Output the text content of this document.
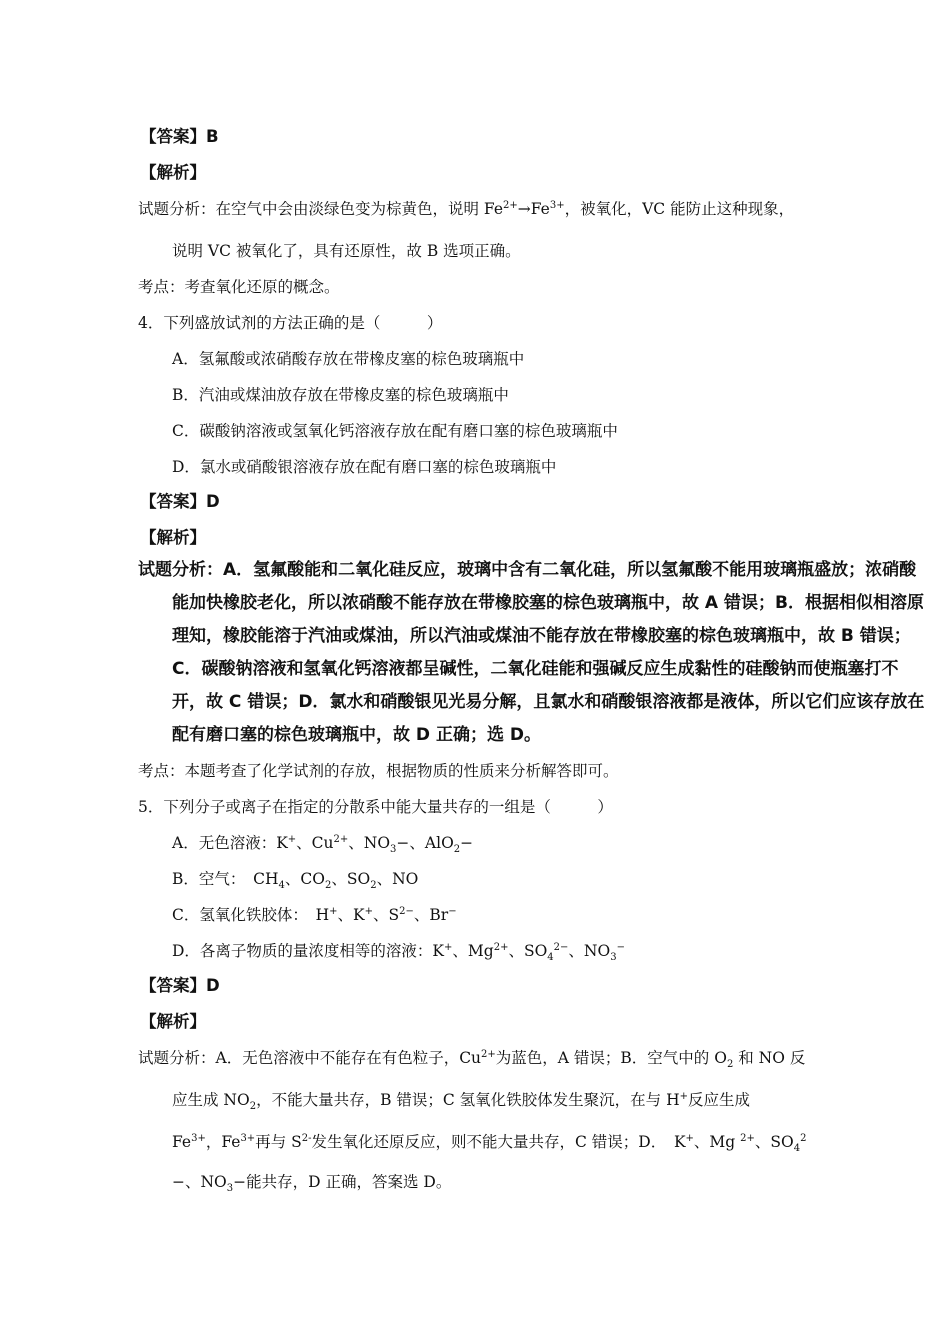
【答案】B
【解析】
试题分析：在空气中会由淡绿色变为棕黄色，说明 $Fe^{2+}\to Fe^{3+}$，被氧化，VC 能防止这种现象，
说明 VC 被氧化了，具有还原性，故 B 选项正确。
考点：考查氧化还原的概念。
4．下列盛放试剂的方法正确的是（　　　）
A．氢氟酸或浓硝酸存放在带橡皮塞的棕色玻璃瓶中
B．汽油或煤油放存放在带橡皮塞的棕色玻璃瓶中
C．碳酸钠溶液或氢氧化钙溶液存放在配有磨口塞的棕色玻璃瓶中
D．氯水或硝酸银溶液存放在配有磨口塞的棕色玻璃瓶中
【答案】D
【解析】
试题分析：A．氢氟酸能和二氧化硅反应，玻璃中含有二氧化硅，所以氢氟酸不能用玻璃瓶盛放；浓硝酸
能加快橡胶老化，所以浓硝酸不能存放在带橡胶塞的棕色玻璃瓶中，故 A 错误；B．根据相似相溶原
理知，橡胶能溶于汽油或煤油，所以汽油或煤油不能存放在带橡胶塞的棕色玻璃瓶中，故 B 错误；
C．碳酸钠溶液和氢氧化钙溶液都呈碱性，二氧化硅能和强碱反应生成黏性的硅酸钠而使瓶塞打不
开，故 C 错误；D．氯水和硝酸银见光易分解，且氯水和硝酸银溶液都是液体，所以它们应该存放在
配有磨口塞的棕色玻璃瓶中，故 D 正确；选 D。
考点：本题考查了化学试剂的存放，根据物质的性质来分析解答即可。
5．下列分子或离子在指定的分散系中能大量共存的一组是（　　　）
A．无色溶液：K+、$Cu^{2+}$、$NO_3-$、AlO$_2$−
B．空气：　$CH_4$、$CO_2$、$SO_2$、NO
C．氢氧化铁胶体：　H+、K+、$S^{2-}$、Br−
D．各离子物质的量浓度相等的溶液：K+、$Mg^{2+}$、$SO_4^{2-}$、$NO_3^-$
【答案】D
【解析】
试题分析：A．无色溶液中不能存在有色粒子，$Cu^{2+}$为蓝色，A 错误；B．空气中的 $O_2$ 和 NO 反
应生成 $NO_2$，不能大量共存，B 错误；C 氢氧化铁胶体发生聚沉，在与 H+反应生成
$Fe^{3+}$，$Fe^{3+}$再与 $S^{2-}$发生氧化还原反应，则不能大量共存，C 错误；D．　K+、Mg $^{2+}$、$SO_4^2$
−、$NO_3-$能共存，D 正确，答案选 D。
